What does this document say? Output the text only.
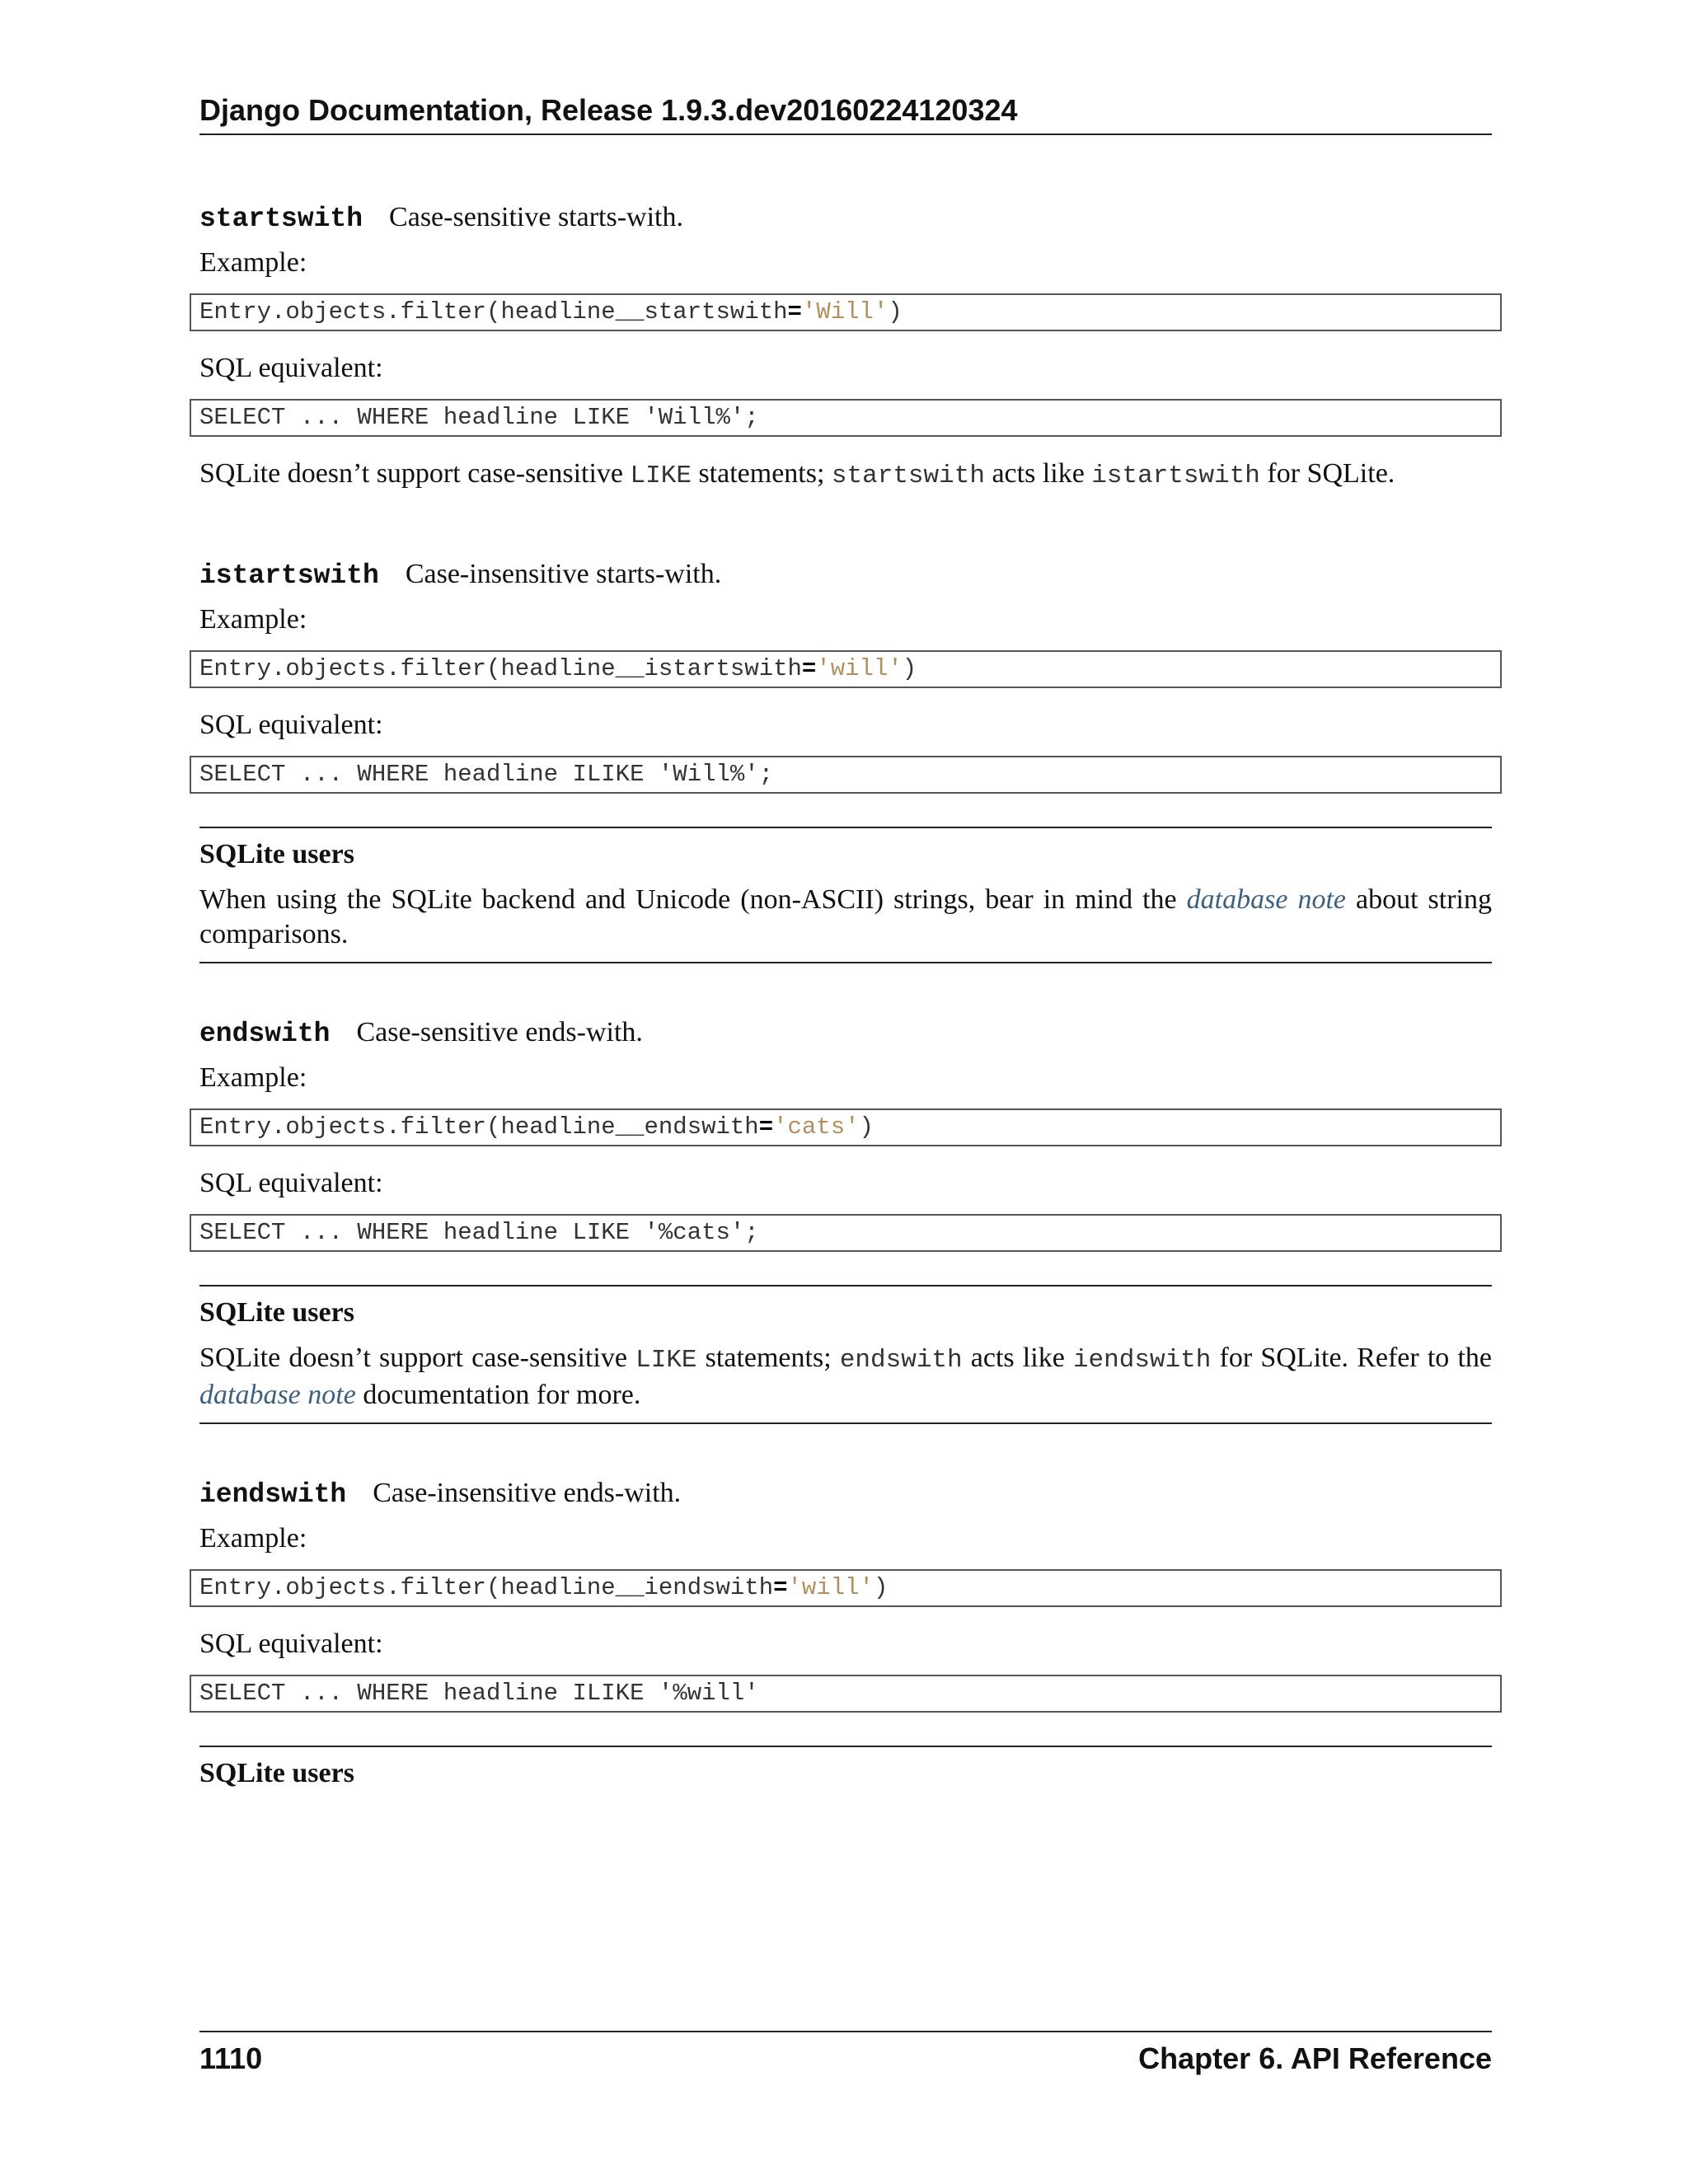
Django Documentation, Release 1.9.3.dev20160224120324
startswith Case-sensitive starts-with.

Example:

Entry.objects.filter(headline__startswith='Will')

SQL equivalent:

SELECT ... WHERE headline LIKE 'Will%';

SQLite doesn’t support case-sensitive LIKE statements; startswith acts like istartswith for SQLite.

istartswith Case-insensitive starts-with.

Example:

Entry.objects.filter(headline__istartswith='will')

SQL equivalent:

SELECT ... WHERE headline ILIKE 'Will%';
SQLite users

When using the SQLite backend and Unicode (non-ASCII) strings, bear in mind the database note about string comparisons.

endswith Case-sensitive ends-with.

Example:

Entry.objects.filter(headline__endswith='cats')

SQL equivalent:

SELECT ... WHERE headline LIKE '%cats';
SQLite users

SQLite doesn’t support case-sensitive LIKE statements; endswith acts like iendswith for SQLite. Refer to the database note documentation for more.

iendswith Case-insensitive ends-with.

Example:

Entry.objects.filter(headline__iendswith='will')

SQL equivalent:

SELECT ... WHERE headline ILIKE '%will'
SQLite users
1110	Chapter 6. API Reference
